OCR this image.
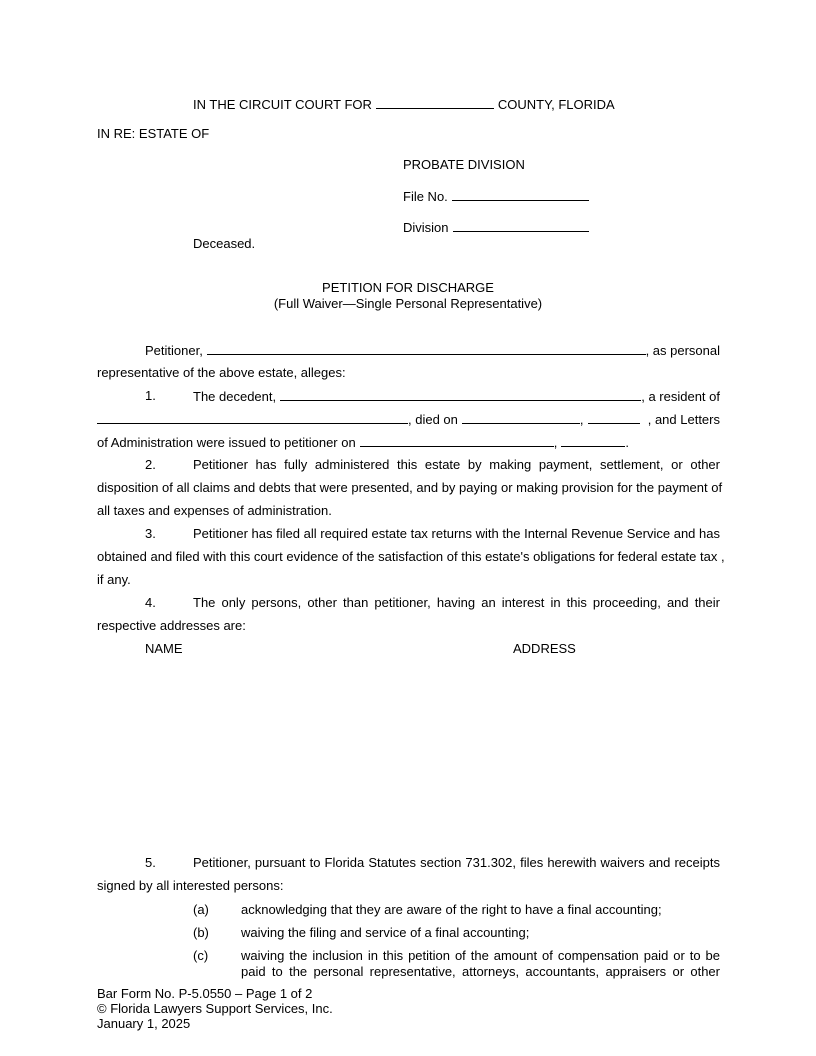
IN THE CIRCUIT COURT FOR	COUNTY, FLORIDA
IN RE: ESTATE OF
PROBATE DIVISION
File No.
Division
Deceased.
PETITION FOR DISCHARGE
(Full Waiver—Single Personal Representative)
Petitioner,	, as personal
representative of the above estate, alleges:
1.	The decedent,	, a resident of
, died on	,	, and Letters
of Administration were issued to petitioner on	,	.
2.	Petitioner has fully administered this estate by making payment, settlement, or other
disposition of all claims and debts that were presented, and by paying or making provision for the payment of
all taxes and expenses of administration.
3.	Petitioner has filed all required estate tax returns with the Internal Revenue Service and has
obtained and filed with this court evidence of the satisfaction of this estate's obligations for federal estate tax ,
if any.
4.	The only persons, other than petitioner, having an interest in this proceeding, and their
respective addresses are:
NAME	ADDRESS
5.	Petitioner, pursuant to Florida Statutes section 731.302, files herewith waivers and receipts
signed by all interested persons:
(a) acknowledging that they are aware of the right to have a final accounting;
(b) waiving the filing and service of a final accounting;
(c)	waiving the inclusion in this petition of the amount of compensation paid or to be
paid to the personal representative, attorneys, accountants, appraisers or other
Bar Form No. P-5.0550 – Page 1 of 2
© Florida Lawyers Support Services, Inc.
January 1, 2025
